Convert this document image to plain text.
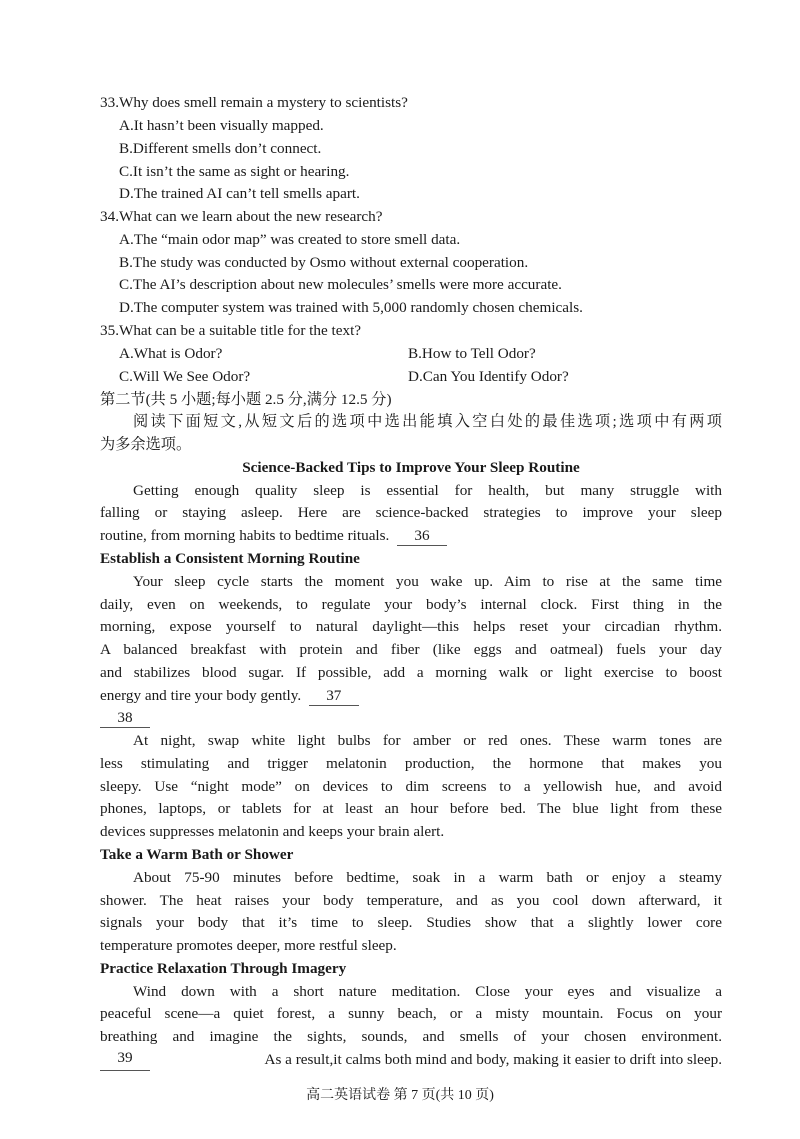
33.Why does smell remain a mystery to scientists?
A.It hasn’t been visually mapped.
B.Different smells don’t connect.
C.It isn’t the same as sight or hearing.
D.The trained AI can’t tell smells apart.
34.What can we learn about the new research?
A.The “main odor map” was created to store smell data.
B.The study was conducted by Osmo without external cooperation.
C.The AI’s description about new molecules’ smells were more accurate.
D.The computer system was trained with 5,000 randomly chosen chemicals.
35.What can be a suitable title for the text?
A.What is Odor?	B.How to Tell Odor?
C.Will We See Odor?	D.Can You Identify Odor?
第二节(共 5 小题;每小题 2.5 分,满分 12.5 分)
阅读下面短文,从短文后的选项中选出能填入空白处的最佳选项;选项中有两项
为多余选项。
Science-Backed Tips to Improve Your Sleep Routine
Getting enough quality sleep is essential for health, but many struggle with
falling or staying asleep. Here are science-backed strategies to improve your sleep
routine, from morning habits to bedtime rituals. 36
Establish a Consistent Morning Routine
Your sleep cycle starts the moment you wake up. Aim to rise at the same time
daily, even on weekends, to regulate your body’s internal clock. First thing in the
morning, expose yourself to natural daylight—this helps reset your circadian rhythm.
A balanced breakfast with protein and fiber (like eggs and oatmeal) fuels your day
and stabilizes blood sugar. If possible, add a morning walk or light exercise to boost
energy and tire your body gently. 37
38
At night, swap white light bulbs for amber or red ones. These warm tones are
less stimulating and trigger melatonin production, the hormone that makes you
sleepy. Use “night mode” on devices to dim screens to a yellowish hue, and avoid
phones, laptops, or tablets for at least an hour before bed. The blue light from these
devices suppresses melatonin and keeps your brain alert.
Take a Warm Bath or Shower
About 75-90 minutes before bedtime, soak in a warm bath or enjoy a steamy
shower. The heat raises your body temperature, and as you cool down afterward, it
signals your body that it’s time to sleep. Studies show that a slightly lower core
temperature promotes deeper, more restful sleep.
Practice Relaxation Through Imagery
Wind down with a short nature meditation. Close your eyes and visualize a
peaceful scene—a quiet forest, a sunny beach, or a misty mountain. Focus on your
breathing and imagine the sights, sounds, and smells of your chosen environment.
39	As a result,it calms both mind and body, making it easier to drift into sleep.
高二英语试卷 第 7 页(共 10 页)
